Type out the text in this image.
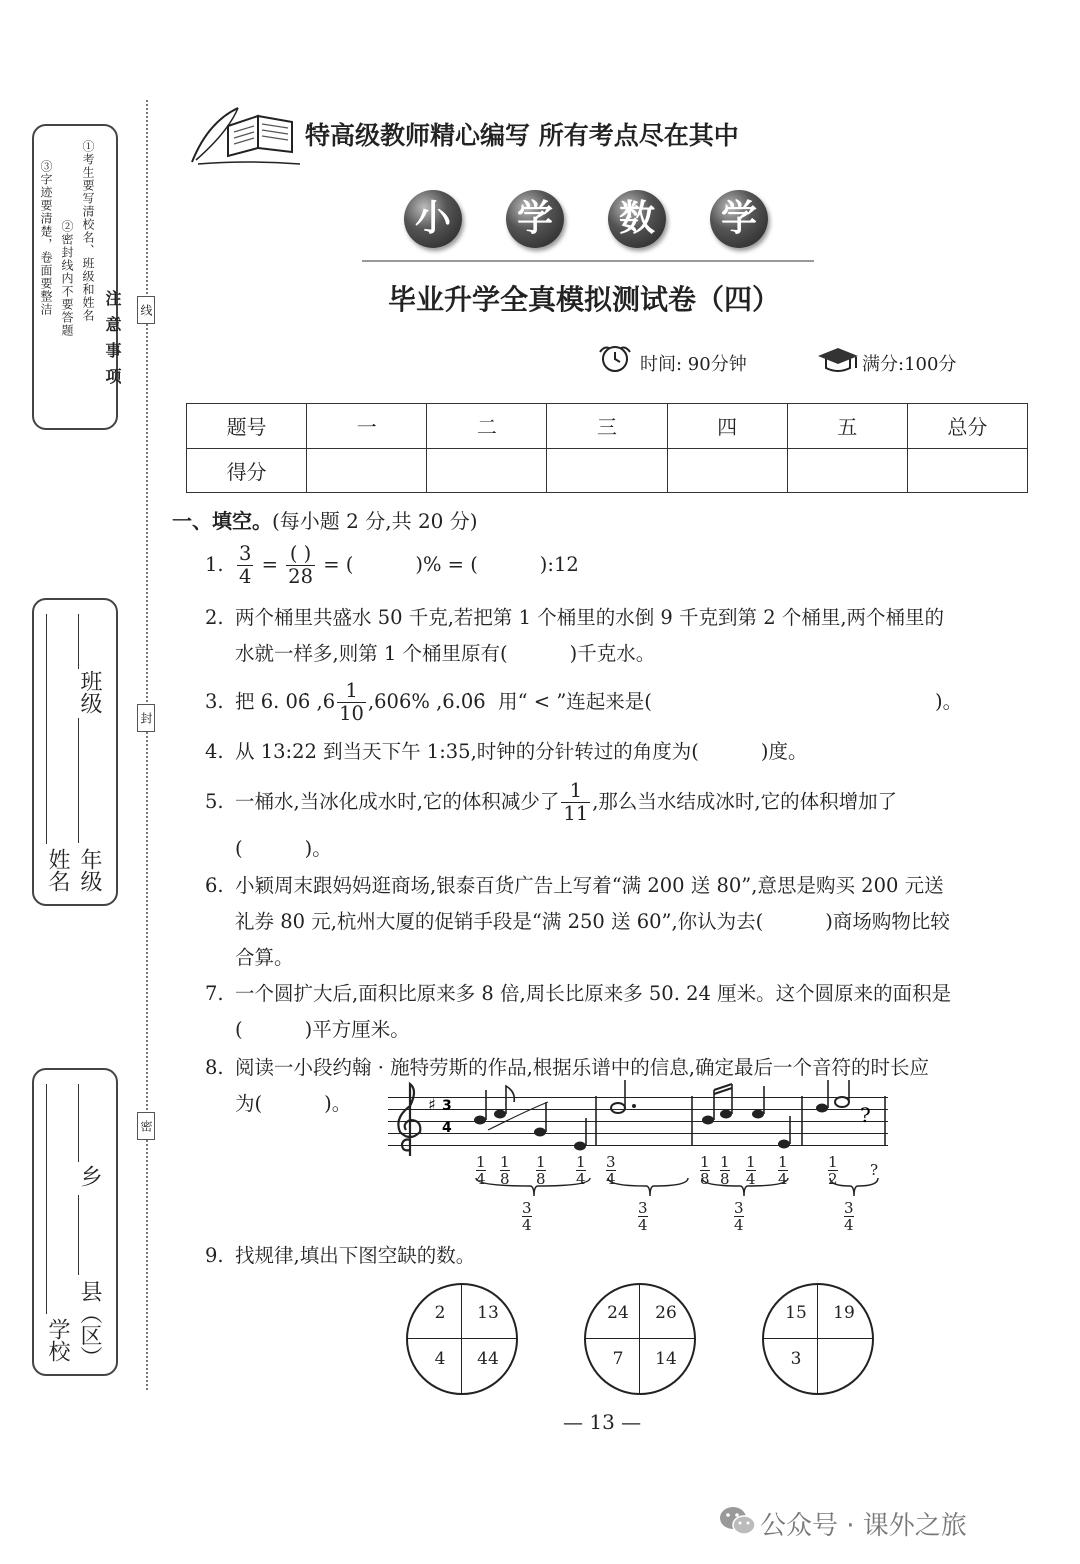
注意事项
①考生要写清校名、班级和姓名
②密封线内不要答题
③字迹要清楚，卷面要整洁
年级
班级
姓名
县（区）
乡
学校
线
封
密
特高级教师精心编写 所有考点尽在其中
小	学	数	学
毕业升学全真模拟测试卷（四）
时间: 90分钟	满分:100分
题号	一	二	三	四	五	总分
得分						
一、填空。(每小题 2 分,共 20 分)
1. $\frac{3}{4} = \frac{( )}{28}$ = (          )% = (          ):12
2. 两个桶里共盛水 50 千克,若把第 1 个桶里的水倒 9 千克到第 2 个桶里,两个桶里的
水就一样多,则第 1 个桶里原有(          )千克水。
3. 把 6. 06̇ $,6 \frac{1}{10} ,606\%$ ,6.0̇6̇  用“ < ”连起来是(	)。
4. 从 13:22 到当天下午 1:35,时钟的分针转过的角度为(          )度。
5. 一桶水,当冰化成水时,它的体积减少了 $\frac{1}{11}$ ,那么当水结成冰时,它的体积增加了
(          )。
6. 小颖周末跟妈妈逛商场,银泰百货广告上写着“满 200 送 80”,意思是购买 200 元送
礼券 80 元,杭州大厦的促销手段是“满 250 送 60”,你认为去(          )商场购物比较
合算。
7. 一个圆扩大后,面积比原来多 8 倍,周长比原来多 50. 24 厘米。这个圆原来的面积是
(          )平方厘米。
8. 阅读一小段约翰 · 施特劳斯的作品,根据乐谱中的信息,确定最后一个音符的时长应
为(          )。	♯ 3
4
?
1
4
1
8
1
8
1
4
3
4
1
8
1
8
1
4
1
4
1
2 ?
3
4
3
4
3
4
3
4
9. 找规律,填出下图空缺的数。
2	13
4	44
24	26
7	14
15	19
3
— 13 —
公众号 · 课外之旅
